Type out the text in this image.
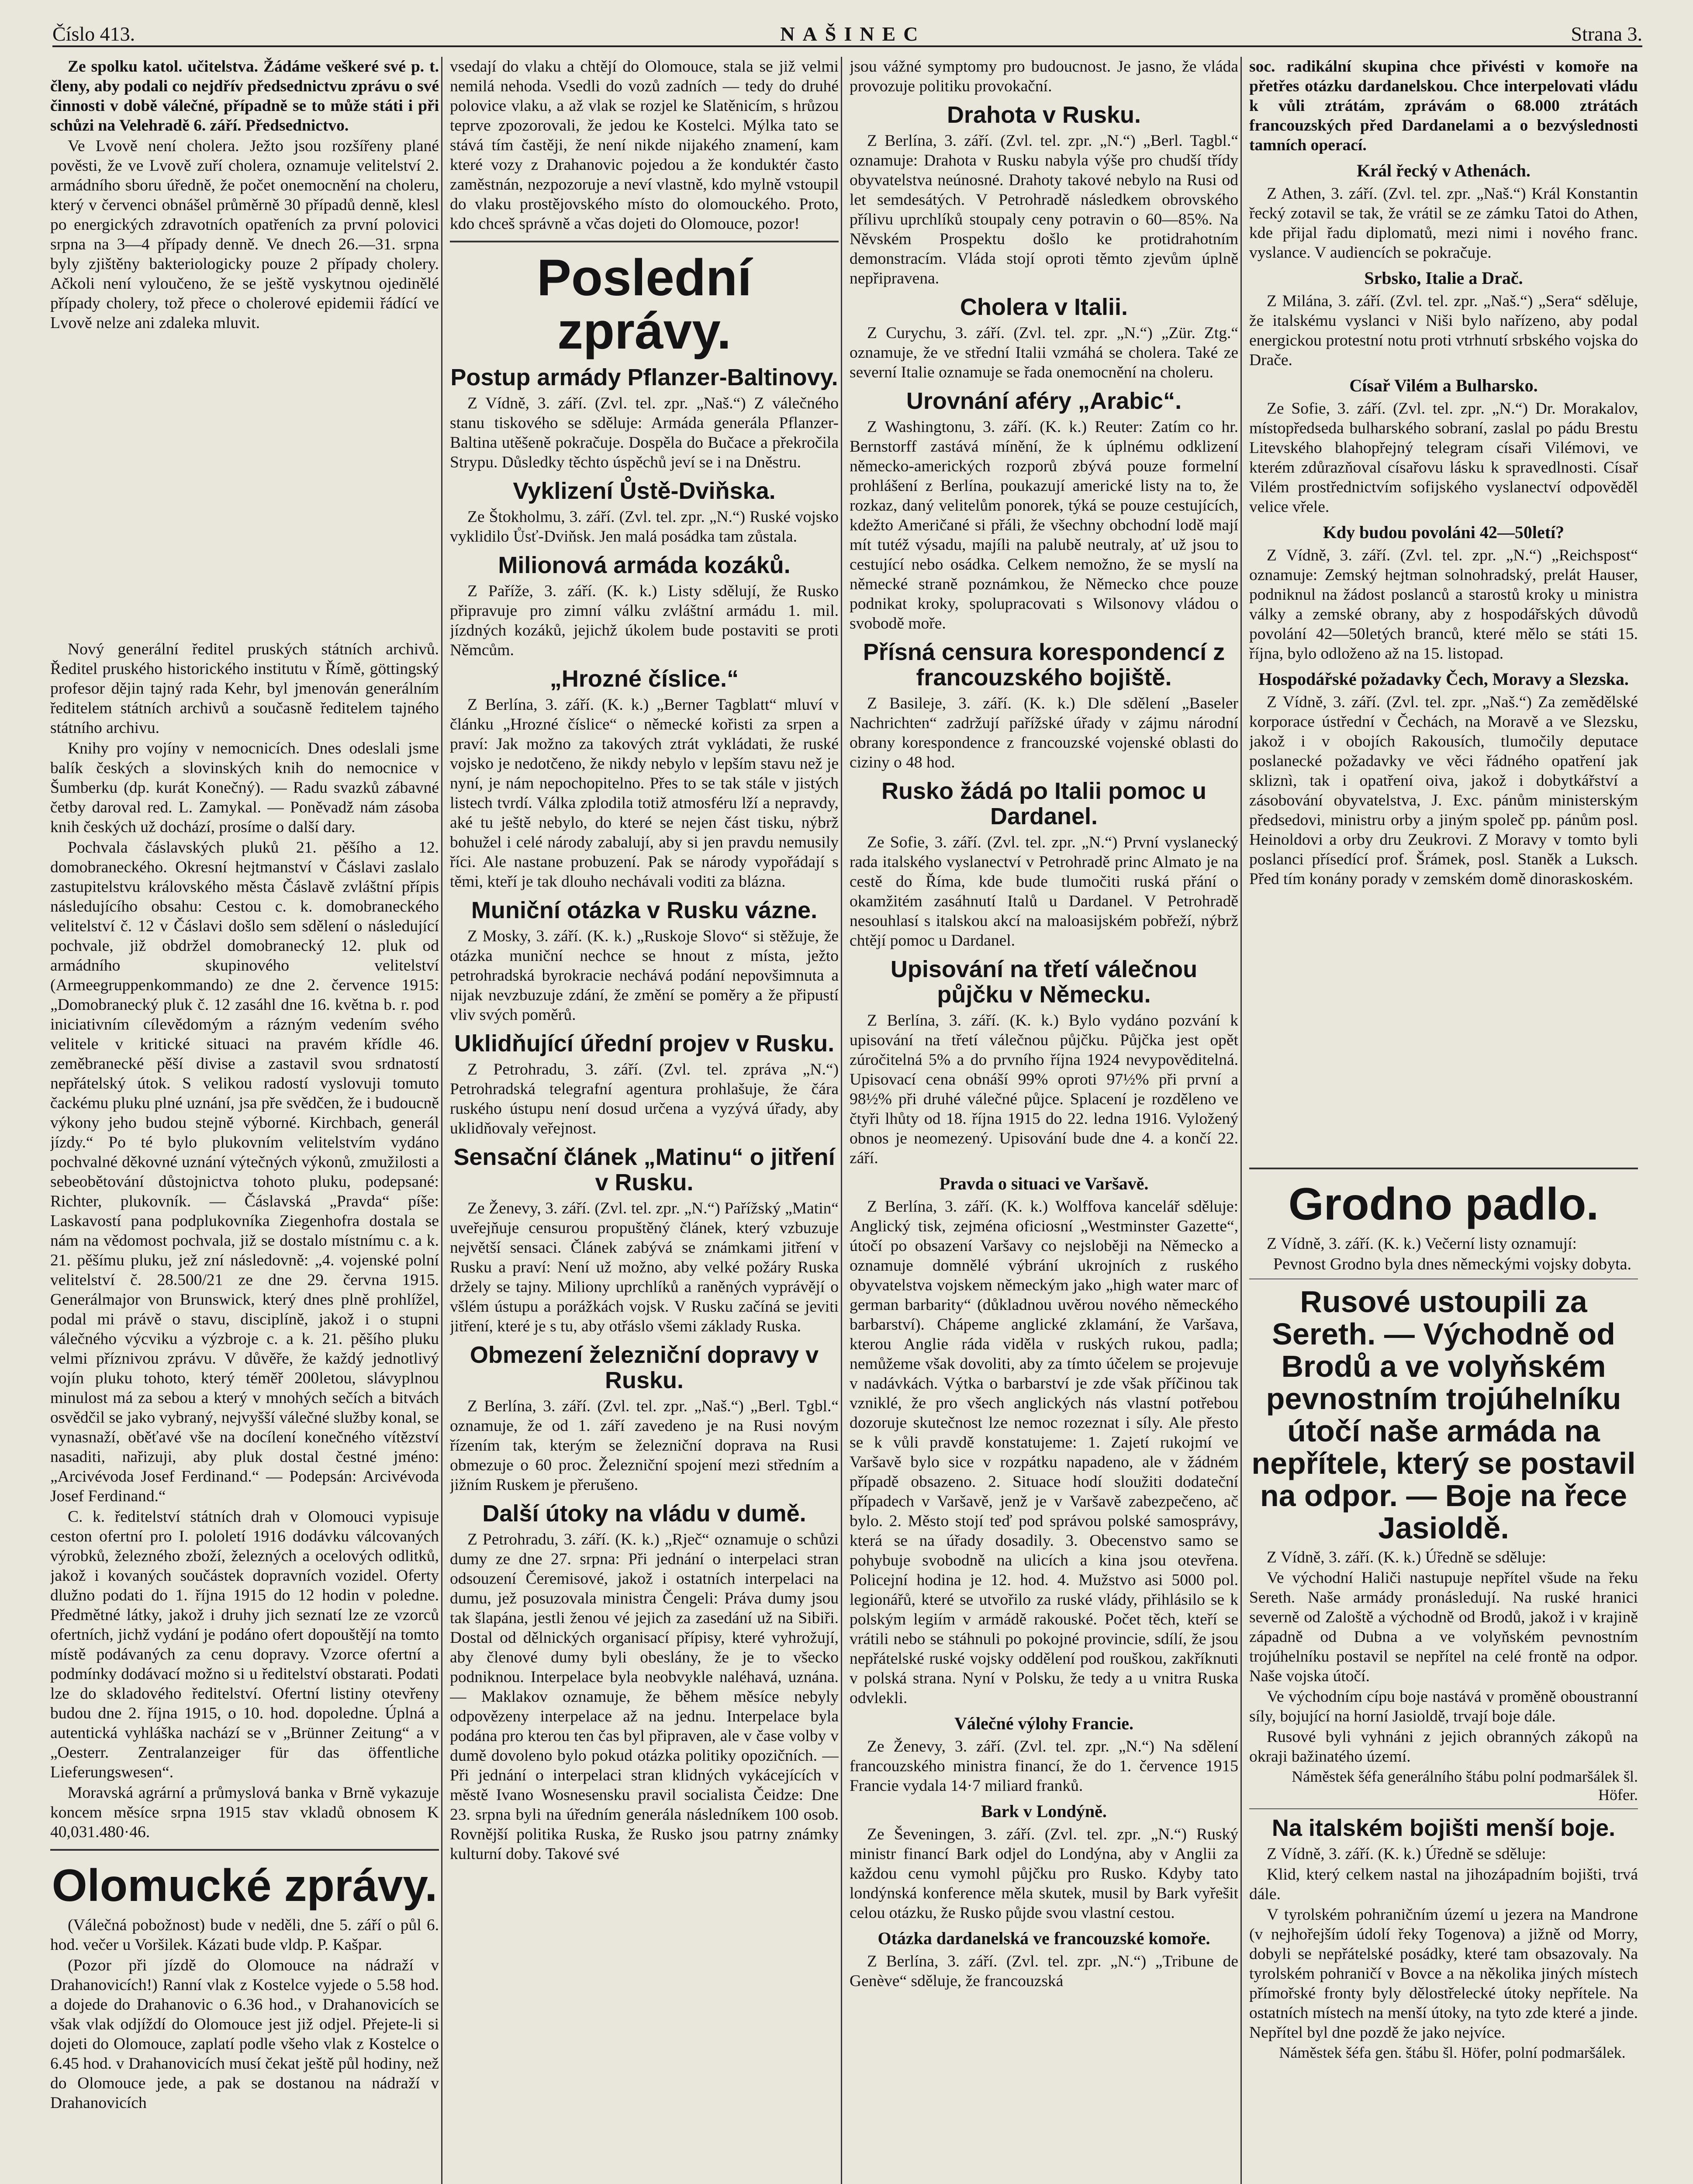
Číslo 413.	NAŠINEC	Strana 3.

Ze spolku katol. učitelstva. Žádáme veškeré své p. t. členy, aby podali co nejdřív předsednictvu zprávu o své činnosti v době válečné, případně se to může státi i při schůzi na Velehradě 6. září. Předsednictvo.

Ve Lvově není cholera. Ježto jsou rozšířeny plané pověsti, že ve Lvově zuří cholera, oznamuje velitelství 2. armádního sboru úředně, že počet onemocnění na choleru, který v červenci obnášel průměrně 30 případů denně, klesl po energických zdravotních opatřeních za první polovici srpna na 3—4 případy denně. Ve dnech 26.—31. srpna byly zjištěny bakteriologicky pouze 2 případy cholery. Ačkoli není vyloučeno, že se ještě vyskytnou ojedinělé případy cholery, tož přece o cholerové epidemii řádící ve Lvově nelze ani zdaleka mluvit.

Nový generální ředitel pruských státních archivů. Ředitel pruského historického institutu v Římě, göttingský profesor dějin tajný rada Kehr, byl jmenován generálním ředitelem státních archivů a současně ředitelem tajného státního archivu.

Knihy pro vojíny v nemocnicích. Dnes odeslali jsme balík českých a slovinských knih do nemocnice v Šumberku (dp. kurát Konečný). — Radu svazků zábavné četby daroval red. L. Zamykal. — Poněvadž nám zásoba knih českých už dochází, prosíme o další dary.

Pochvala čáslavských pluků 21. pěšího a 12. domobraneckého. Okresní hejtmanství v Čáslavi zaslalo zastupitelstvu královského města Čáslavě zvláštní přípis následujícího obsahu: Cestou c. k. domobraneckého velitelství č. 12 v Čáslavi došlo sem sdělení o následující pochvale, již obdržel domobranecký 12. pluk od armádního skupinového velitelství (Armeegruppenkommando) ze dne 2. července 1915: „Domobranecký pluk č. 12 zasáhl dne 16. května b. r. pod iniciativním cílevědomým a rázným vedením svého velitele v kritické situaci na pravém křídle 46. zeměbranecké pěší divise a zastavil svou srdnatostí nepřátelský útok. S velikou radostí vyslovuji tomuto čackému pluku plné uznání, jsa pře svědčen, že i budoucně výkony jeho budou stejně výborné. Kirchbach, generál jízdy.“ Po té bylo plukovním velitelstvím vydáno pochvalné děkovné uznání výtečných výkonů, zmužilosti a sebeobětování důstojnictva tohoto pluku, podepsané: Richter, plukovník. — Čáslavská „Pravda“ píše: Laskavostí pana podplukovníka Ziegenhofra dostala se nám na vědomost pochvala, již se dostalo místnímu c. a k. 21. pěšímu pluku, jež zní následovně: „4. vojenské polní velitelství č. 28.500/21 ze dne 29. června 1915. Generálmajor von Brunswick, který dnes plně prohlížel, podal mi právě o stavu, disciplíně, jakož i o stupni válečného výcviku a výzbroje c. a k. 21. pěšího pluku velmi příznivou zprávu. V důvěře, že každý jednotlivý vojín pluku tohoto, který téměř 200letou, slávyplnou minulost má za sebou a který v mnohých sečích a bitvách osvědčil se jako vybraný, nejvyšší válečné služby konal, se vynasnaží, oběťavé vše na docílení konečného vítězství nasaditi, nařizuji, aby pluk dostal čestné jméno: „Arcivévoda Josef Ferdinand.“ — Podepsán: Arcivévoda Josef Ferdinand.“

C. k. ředitelství státních drah v Olomouci vypisuje ceston ofertní pro I. pololetí 1916 dodávku válcovaných výrobků, železného zboží, železných a ocelových odlitků, jakož i kovaných součástek dopravních vozidel. Oferty dlužno podati do 1. října 1915 do 12 hodin v poledne. Předmětné látky, jakož i druhy jich seznatí lze ze vzorců ofertních, jichž vydání je podáno ofert dopouštějí na tomto místě podávaných za cenu dopravy. Vzorce ofertní a podmínky dodávací možno si u ředitelství obstarati. Podati lze do skladového ředitelství. Ofertní listiny otevřeny budou dne 2. října 1915, o 10. hod. dopoledne. Úplná a autentická vyhláška nachází se v „Brünner Zeitung“ a v „Oesterr. Zentralanzeiger für das öffentliche Lieferungswesen“.

Moravská agrární a průmyslová banka v Brně vykazuje koncem měsíce srpna 1915 stav vkladů obnosem K 40,031.480·46.

Olomucké zprávy.

(Válečná pobožnost) bude v neděli, dne 5. září o půl 6. hod. večer u Voršilek. Kázati bude vldp. P. Kašpar.

(Pozor při jízdě do Olomouce na nádraží v Drahanovicích!) Ranní vlak z Kostelce vyjede o 5.58 hod. a dojede do Drahanovic o 6.36 hod., v Drahanovicích se však vlak odjíždí do Olomouce jest již odjel. Přejete-li si dojeti do Olomouce, zaplatí podle všeho vlak z Kostelce o 6.45 hod. v Drahanovicích musí čekat ještě půl hodiny, než do Olomouce jede, a pak se dostanou na nádraží v Drahanovicích

vsedají do vlaku a chtějí do Olomouce, stala se již velmi nemilá nehoda. Vsedli do vozů zadních — tedy do druhé polovice vlaku, a až vlak se rozjel ke Slatěnicím, s hrůzou teprve zpozorovali, že jedou ke Kostelci. Mýlka tato se stává tím častěji, že není nikde nijakého znamení, kam které vozy z Drahanovic pojedou a že konduktér často zaměstnán, nezpozoruje a neví vlastně, kdo mylně vstoupil do vlaku prostějovského místo do olomouckého. Proto, kdo chceš správně a včas dojeti do Olomouce, pozor!

Poslední zprávy.
Postup armády Pflanzer-Baltinovy.

Z Vídně, 3. září. (Zvl. tel. zpr. „Naš.“) Z válečného stanu tiskového se sděluje: Armáda generála Pflanzer-Baltina utěšeně pokračuje. Dospěla do Bučace a překročila Strypu. Důsledky těchto úspěchů jeví se i na Dněstru.

Vyklizení Ůstě-Dviňska.

Ze Štokholmu, 3. září. (Zvl. tel. zpr. „N.“) Ruské vojsko vyklidilo Ůsť-Dviňsk. Jen malá posádka tam zůstala.

Milionová armáda kozáků.

Z Paříže, 3. září. (K. k.) Listy sdělují, že Rusko připravuje pro zimní válku zvláštní armádu 1. mil. jízdných kozáků, jejichž úkolem bude postaviti se proti Němcům.

„Hrozné číslice.“

Z Berlína, 3. září. (K. k.) „Berner Tagblatt“ mluví v článku „Hrozné číslice“ o německé kořisti za srpen a praví: Jak možno za takových ztrát vykládati, že ruské vojsko je nedotčeno, že nikdy nebylo v lepším stavu než je nyní, je nám nepochopitelno. Přes to se tak stále v jistých listech tvrdí. Válka zplodila totiž atmosféru lží a nepravdy, aké tu ještě nebylo, do které se nejen část tisku, nýbrž bohužel i celé národy zabalují, aby si jen pravdu nemusily říci. Ale nastane probuzení. Pak se národy vypořádají s těmi, kteří je tak dlouho nechávali voditi za bláznа.

Muniční otázka v Rusku vázne.

Z Mosky, 3. září. (K. k.) „Ruskoje Slovo“ si stěžuje, že otázka muniční nechce se hnout z místa, ježto petrohradská byrokracie nechává podání nepovšimnuta a nijak nevzbuzuje zdání, že změní se poměry a že připustí vliv svých poměrů.

Uklidňující úřední projev v Rusku.

Z Petrohradu, 3. září. (Zvl. tel. zpráva „N.“) Petrohradská telegrafní agentura prohlašuje, že čára ruského ústupu není dosud určena a vyzývá úřady, aby uklidňovaly veřejnost.

Sensační článek „Matinu“ o jitření v Rusku.

Ze Ženevy, 3. září. (Zvl. tel. zpr. „N.“) Pařížský „Matin“ uveřejňuje censurou propuštěný článek, který vzbuzuje největší sensaci. Článek zabývá se známkami jitření v Rusku a praví: Není už možno, aby velké požáry Ruska držely se tajny. Miliony uprchlíků a raněných vyprávějí o všlém ústupu a porážkách vojsk. V Rusku začíná se jeviti jitření, které je s tu, aby otřáslo všemi základy Ruska.

Obmezení železniční dopravy v Rusku.

Z Berlína, 3. září. (Zvl. tel. zpr. „Naš.“) „Berl. Tgbl.“ oznamuje, že od 1. září zavedeno je na Rusi novým řízením tak, kterým se železniční doprava na Rusi obmezuje o 60 proc. Železniční spojení mezi středním a jižním Ruskem je přerušeno.

Další útoky na vládu v dumě.

Z Petrohradu, 3. září. (K. k.) „Rječ“ oznamuje o schůzi dumy ze dne 27. srpna: Při jednání o interpelaci stran odsouzení Čeremisové, jakož i ostatních interpelaci na dumu, jež posuzovala ministra Čengeli: Práva dumy jsou tak šlapána, jestli ženou vé jejich za zasedání už na Sibiři. Dostal od dělnických organisací přípisy, které vyhrožují, aby členové dumy byli obeslány, že je to všecko podniknou. Interpelace byla neobvykle naléhavá, uznána. — Maklakov oznamuje, že během měsíce nebyly odpovězeny interpelace až na jednu. Interpelace byla podána pro kterou ten čas byl připraven, ale v čase volby v dumě dovoleno bylo pokud otázka politiky opozičních. — Při jednání o interpelaci stran klidných vykácejících v městě Ivano Wosnesensku pravil socialista Čeidze: Dne 23. srpna byli na úředním generála následníkem 100 osob. Rovnější politika Ruska, že Rusko jsou patrny známky kulturní doby. Takové své

jsou vážné symptomy pro budoucnost. Je jasno, že vláda provozuje politiku provokační.

Drahota v Rusku.

Z Berlína, 3. září. (Zvl. tel. zpr. „N.“) „Berl. Tagbl.“ oznamuje: Drahota v Rusku nabyla výše pro chudší třídy obyvatelstva neúnosné. Drahoty takové nebylo na Rusi od let semdesátých. V Petrohradě následkem obrovského přílivu uprchlíků stoupaly ceny potravin o 60—85%. Na Něvském Prospektu došlo ke protidrahotním demonstracím. Vláda stojí oproti těmto zjevům úplně nepřipravena.

Cholera v Italii.

Z Curychu, 3. září. (Zvl. tel. zpr. „N.“) „Zür. Ztg.“ oznamuje, že ve střední Italii vzmáhá se cholera. Také ze severní Italie oznamuje se řada onemocnění na choleru.

Urovnání aféry „Arabic“.

Z Washingtonu, 3. září. (K. k.) Reuter: Zatím co hr. Bernstorff zastává mínění, že k úplnému odklizení německo-amerických rozporů zbývá pouze formelní prohlášení z Berlína, poukazují americké listy na to, že rozkaz, daný velitelům ponorek, týká se pouze cestujících, kdežto Američané si přáli, že všechny obchodní lodě mají mít tutéž výsadu, majíli na palubě neutraly, ať už jsou to cestující nebo osádka. Celkem nemožno, že se myslí na německé straně poznámkou, že Německo chce pouze podnikat kroky, spolupracovati s Wilsonovy vládou o svobodě moře.

Přísná censura korespondencí z francouzského bojiště.

Z Basileje, 3. září. (K. k.) Dle sdělení „Baseler Nachrichten“ zadržují pařížské úřady v zájmu národní obrany korespondence z francouzské vojenské oblasti do ciziny o 48 hod.

Rusko žádá po Italii pomoc u Dardanel.

Ze Sofie, 3. září. (Zvl. tel. zpr. „N.“) První vyslanecký rada italského vyslanectví v Petrohradě princ Almato je na cestě do Říma, kde bude tlumočiti ruská přání o okamžitém zasáhnutí Italů u Dardanel. V Petrohradě nesouhlasí s italskou akcí na maloasijském pobřeží, nýbrž chtějí pomoc u Dardanel.

Upisování na třetí válečnou půjčku v Německu.

Z Berlína, 3. září. (K. k.) Bylo vydáno pozvání k upisování na třetí válečnou půjčku. Půjčka jest opět zúročitelná 5% a do prvního října 1924 nevypověditelná. Upisovací cena obnáší 99% oproti 97½% při první a 98½% při druhé válečné půjce. Splacení je rozděleno ve čtyři lhůty od 18. října 1915 do 22. ledna 1916. Vyložený obnos je neomezený. Upisování bude dne 4. a končí 22. září.

Pravda o situaci ve Varšavě.

Z Berlína, 3. září. (K. k.) Wolffova kancelář sděluje: Anglický tisk, zejména oficiosní „Westminster Gazette“, útočí po obsazení Varšavy co nejsloběji na Německo a oznamuje domnělé výbrání ukrojních z ruského obyvatelstva vojskem německým jako „high water marc of german barbarity“ (důkladnou uvěrou nového německého barbarství). Chápeme anglické zklamání, že Varšava, kterou Anglie ráda viděla v ruských rukou, padla; nemůžeme však dovoliti, aby za tímto účelem se projevuje v nadávkách. Výtka o barbarství je zde však příčinou tak vzniklé, že pro všech anglických nás vlastní potřebou dozoruje skutečnost lze nemoc rozeznat i síly. Ale přesto se k vůli pravdě konstatujeme: 1. Zajetí rukojmí ve Varšavě bylo sice v rozpátku napadeno, ale v žádném případě obsazeno. 2. Situace hodí sloužiti dodateční případech v Varšavě, jenž je v Varšavě zabezpečeno, ač bylo. 2. Město stojí teď pod správou polské samosprávy, která se na úřady dosadily. 3. Obecenstvo samo se pohybuje svobodně na ulicích a kina jsou otevřena. Policejní hodina je 12. hod. 4. Mužstvo asi 5000 pol. legionářů, které se utvořilo za ruské vlády, přihlásilo se k polským legiím v armádě rakouské. Počet těch, kteří se vrátili nebo se stáhnuli po pokojné provincie, sdílí, že jsou nepřátelské ruské vojsky oddělení pod rouškou, zakříknuti v polská strana. Nyní v Polsku, že tedy a u vnitra Ruska odvlekli.

Válečné výlohy Francie.

Ze Ženevy, 3. září. (Zvl. tel. zpr. „N.“) Na sdělení francouzského ministra financí, že do 1. července 1915 Francie vydala 14·7 miliard franků.

Bark v Londýně.

Ze Ševeningen, 3. září. (Zvl. tel. zpr. „N.“) Ruský ministr financí Bark odjel do Londýna, aby v Anglii za každou cenu vymohl půjčku pro Rusko. Kdyby tato londýnská konference měla skutek, musil by Bark vyřešit celou otázku, že Rusko půjde svou vlastní cestou.

Otázka dardanelská ve francouzské komoře.

Z Berlína, 3. září. (Zvl. tel. zpr. „N.“) „Tribune de Genève“ sděluje, že francouzská

soc. radikální skupina chce přivésti v komoře na přetřes otázku dardanelskou. Chce interpelovati vládu k vůli ztrátám, zprávám o 68.000 ztrátách francouzských před Dardanelami a o bezvýslednosti tamních operací.

Král řecký v Athenách.

Z Athen, 3. září. (Zvl. tel. zpr. „Naš.“) Král Konstantin řecký zotavil se tak, že vrátil se ze zámku Tatoi do Athen, kde přijal řadu diplomatů, mezi nimi i nového franc. vyslance. V audiencích se pokračuje.

Srbsko, Italie a Drač.

Z Milána, 3. září. (Zvl. tel. zpr. „Naš.“) „Sera“ sděluje, že italskému vyslanci v Niši bylo nařízeno, aby podal energickou protestní notu proti vtrhnutí srbského vojska do Drače.

Císař Vilém a Bulharsko.

Ze Sofie, 3. září. (Zvl. tel. zpr. „N.“) Dr. Morakalov, místopředseda bulharského sobraní, zaslal po pádu Brestu Litevského blahopřejný telegram císaři Vilémovi, ve kterém zdůrazňoval císařovu lásku k spravedlnosti. Císař Vilém prostřednictvím sofijského vyslanectví odpověděl velice vřele.

Kdy budou povoláni 42—50letí?

Z Vídně, 3. září. (Zvl. tel. zpr. „N.“) „Reichspost“ oznamuje: Zemský hejtman solnohradský, prelát Hauser, podniknul na žádost poslanců a starostů kroky u ministra války a zemské obrany, aby z hospodářských důvodů povolání 42—50letých branců, které mělo se státi 15. října, bylo odloženo až na 15. listopad.

Hospodářské požadavky Čech, Moravy a Slezska.

Z Vídně, 3. září. (Zvl. tel. zpr. „Naš.“) Za zemědělské korporace ústřední v Čechách, na Moravě a ve Slezsku, jakož i v obojích Rakousích, tlumočily deputace poslanecké požadavky ve věci řádného opatření jak skliznì, tak i opatření oiva, jakož i dobytkářství a zásobování obyvatelstva, J. Exc. pánům ministerským předsedovi, ministru orby a jiným společ pp. pánům posl. Heinoldovi a orby dru Zeukrovi. Z Moravy v tomto byli poslanci přísedící prof. Šrámek, posl. Staněk a Luksch. Před tím konány porady v zemském domě dinoraskoském.

Grodno padlo.

Z Vídně, 3. září. (K. k.) Večerní listy oznamují:

Pevnost Grodno byla dnes německými vojsky dobyta.

Rusové ustoupili za Sereth. — Východně od Brodů a ve volyňském pevnostním trojúhelníku útočí naše armáda na nepřítele, který se postavil na odpor. — Boje na řece Jasioldě.

Z Vídně, 3. září. (K. k.) Úředně se sděluje:

Ve východní Haliči nastupuje nepřítel všude na řeku Sereth. Naše armády pronásledují. Na ruské hranici severně od Zaloště a východně od Brodů, jakož i v krajině západně od Dubna a ve volyňském pevnostním trojúhelníku postavil se nepřítel na celé frontě na odpor. Naše vojska útočí.

Ve východním cípu boje nastává v proměně oboustranní síly, bojující na horní Jasioldě, trvají boje dále.

Rusové byli vyhnáni z jejich obranných zákopů na okraji bažinatého území.

Náměstek šéfa generálního štábu polní podmaršálek šl. Höfer.

Na italském bojišti menší boje.

Z Vídně, 3. září. (K. k.) Úředně se sděluje:

Klid, který celkem nastal na jihozápadním bojišti, trvá dále.

V tyrolském pohraničním území u jezera na Mandrone (v nejhořejším údolí řeky Togenova) a jižně od Morry, dobyli se nepřátelské posádky, které tam obsazovaly. Na tyrolském pohraničí v Bovce a na několika jiných místech přímořské fronty byly dělostřelecké útoky nepřítele. Na ostatních místech na menší útoky, na tyto zde které a jinde. Nepřítel byl dne pozdě že jako nejvíce.

Náměstek šéfa gen. štábu šl. Höfer, polní podmaršálek.
